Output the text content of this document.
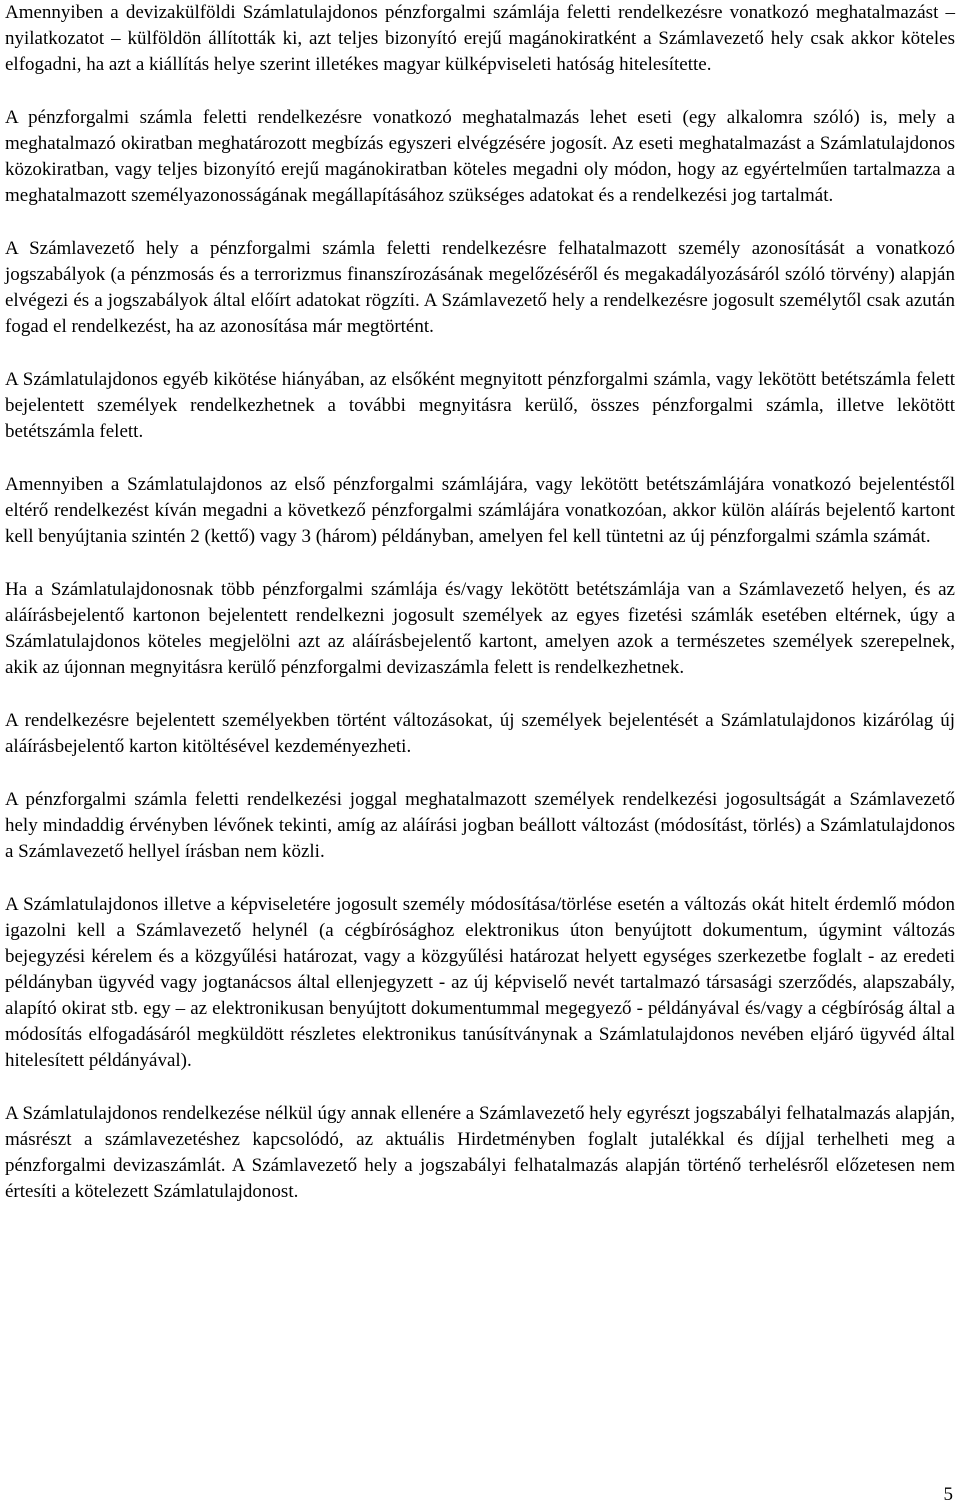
Amennyiben a devizakülföldi Számlatulajdonos pénzforgalmi számlája feletti rendelkezésre vonatkozó meghatalmazást – nyilatkozatot – külföldön állították ki, azt teljes bizonyító erejű magánokiratként a Számlavezető hely csak akkor köteles elfogadni, ha azt a kiállítás helye szerint illetékes magyar külképviseleti hatóság hitelesítette.

A pénzforgalmi számla feletti rendelkezésre vonatkozó meghatalmazás lehet eseti (egy alkalomra szóló) is, mely a meghatalmazó okiratban meghatározott megbízás egyszeri elvégzésére jogosít. Az eseti meghatalmazást a Számlatulajdonos közokiratban, vagy teljes bizonyító erejű magánokiratban köteles megadni oly módon, hogy az egyértelműen tartalmazza a meghatalmazott személyazonosságának megállapításához szükséges adatokat és a rendelkezési jog tartalmát.

A Számlavezető hely a pénzforgalmi számla feletti rendelkezésre felhatalmazott személy azonosítását a vonatkozó jogszabályok (a pénzmosás és a terrorizmus finanszírozásának megelőzéséről és megakadályozásáról szóló törvény) alapján elvégezi és a jogszabályok által előírt adatokat rögzíti. A Számlavezető hely a rendelkezésre jogosult személytől csak azután fogad el rendelkezést, ha az azonosítása már megtörtént.

A Számlatulajdonos egyéb kikötése hiányában, az elsőként megnyitott pénzforgalmi számla, vagy lekötött betétszámla felett bejelentett személyek rendelkezhetnek a további megnyitásra kerülő, összes pénzforgalmi számla, illetve lekötött betétszámla felett.

Amennyiben a Számlatulajdonos az első pénzforgalmi számlájára, vagy lekötött betétszámlájára vonatkozó bejelentéstől eltérő rendelkezést kíván megadni a következő pénzforgalmi számlájára vonatkozóan, akkor külön aláírás bejelentő kartont kell benyújtania szintén 2 (kettő) vagy 3 (három) példányban, amelyen fel kell tüntetni az új pénzforgalmi számla számát.

Ha a Számlatulajdonosnak több pénzforgalmi számlája és/vagy lekötött betétszámlája van a Számlavezető helyen, és az aláírásbejelentő kartonon bejelentett rendelkezni jogosult személyek az egyes fizetési számlák esetében eltérnek, úgy a Számlatulajdonos köteles megjelölni azt az aláírásbejelentő kartont, amelyen azok a természetes személyek szerepelnek, akik az újonnan megnyitásra kerülő pénzforgalmi devizaszámla felett is rendelkezhetnek.

A rendelkezésre bejelentett személyekben történt változásokat, új személyek bejelentését a Számlatulajdonos kizárólag új aláírásbejelentő karton kitöltésével kezdeményezheti.

A pénzforgalmi számla feletti rendelkezési joggal meghatalmazott személyek rendelkezési jogosultságát a Számlavezető hely mindaddig érvényben lévőnek tekinti, amíg az aláírási jogban beállott változást (módosítást, törlés) a Számlatulajdonos a Számlavezető hellyel írásban nem közli.

A Számlatulajdonos illetve a képviseletére jogosult személy módosítása/törlése esetén a változás okát hitelt érdemlő módon igazolni kell a Számlavezető helynél (a cégbírósághoz elektronikus úton benyújtott dokumentum, úgymint változás bejegyzési kérelem és a közgyűlési határozat, vagy a közgyűlési határozat helyett egységes szerkezetbe foglalt - az eredeti példányban ügyvéd vagy jogtanácsos által ellenjegyzett - az új képviselő nevét tartalmazó társasági szerződés, alapszabály, alapító okirat stb. egy – az elektronikusan benyújtott dokumentummal megegyező - példányával és/vagy a cégbíróság által a módosítás elfogadásáról megküldött részletes elektronikus tanúsítványnak a Számlatulajdonos nevében eljáró ügyvéd által hitelesített példányával).

A Számlatulajdonos rendelkezése nélkül úgy annak ellenére a Számlavezető hely egyrészt jogszabályi felhatalmazás alapján, másrészt a számlavezetéshez kapcsolódó, az aktuális Hirdetményben foglalt jutalékkal és díjjal terhelheti meg a pénzforgalmi devizaszámlát. A Számlavezető hely a jogszabályi felhatalmazás alapján történő terhelésről előzetesen nem értesíti a kötelezett Számlatulajdonost.

5
